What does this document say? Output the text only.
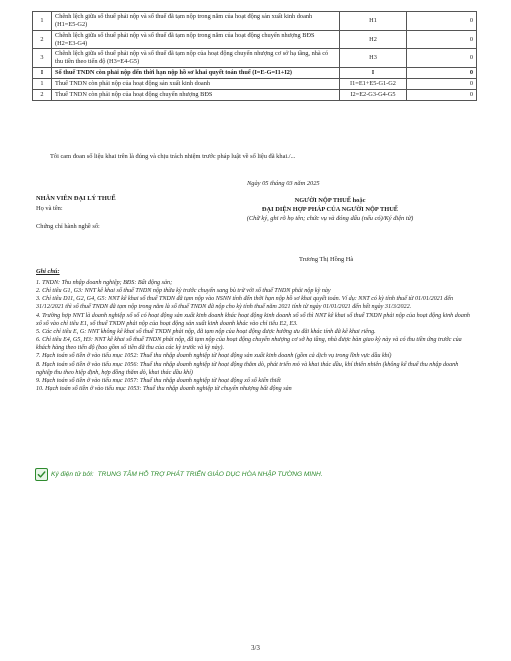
1	Chênh lệch giữa số thuế phải nộp và số thuế đã tạm nộp trong năm của hoạt động sản xuất kinh doanh (H1=E5-G2)	H1	0
2	Chênh lệch giữa số thuế phải nộp và số thuế đã tạm nộp trong năm của hoạt động chuyển nhượng BĐS (H2=E3-G4)	H2	0
3	Chênh lệch giữa số thuế phải nộp và số thuế đã tạm nộp của hoạt động chuyển nhượng cơ sở hạ tầng, nhà có thu tiền theo tiến độ (H3=E4-G5)	H3	0
I	Số thuế TNDN còn phải nộp đến thời hạn nộp hồ sơ khai quyết toán thuế (I=E-G=I1+I2)	I	0
1	Thuế TNDN còn phải nộp của hoạt động sản xuất kinh doanh	I1=E1+E5-G1-G2	0
2	Thuế TNDN còn phải nộp của hoạt động chuyển nhượng BĐS	I2=E2-G3-G4-G5	0
Tôi cam đoan số liệu khai trên là đúng và chịu trách nhiệm trước pháp luật về số liệu đã khai./...
Ngày 05 tháng 03 năm 2025
NHÂN VIÊN ĐẠI LÝ THUẾ
Họ và tên:
Chứng chỉ hành nghề số:
NGƯỜI NỘP THUẾ hoặc
ĐẠI DIỆN HỢP PHÁP CỦA NGƯỜI NỘP THUẾ
(Chữ ký, ghi rõ họ tên; chức vụ và đóng dấu (nếu có)/Ký điện tử)
Trương Thị Hồng Hà
Ghi chú:

1. TNDN: Thu nhập doanh nghiệp; BĐS: Bất động sản;

2. Chỉ tiêu G1, G3: NNT kê khai số thuế TNDN nộp thừa kỳ trước chuyển sang bù trừ với số thuế TNDN phải nộp kỳ này

3. Chỉ tiêu D11, G2, G4, G5: NNT kê khai số thuế TNDN đã tạm nộp vào NSNN tính đến thời hạn nộp hồ sơ khai quyết toán. Ví dụ: NNT có kỳ tính thuế từ 01/01/2021 đến 31/12/2021 thì số thuế TNDN đã tạm nộp trong năm là số thuế TNDN đã nộp cho kỳ tính thuế năm 2021 tính từ ngày 01/01/2021 đến hết ngày 31/3/2022.

4. Trường hợp NNT là doanh nghiệp xổ số có hoạt động sản xuất kinh doanh khác hoạt động kinh doanh xổ số thì NNT kê khai số thuế TNDN phải nộp của hoạt động kinh doanh xổ số vào chỉ tiêu E1, số thuế TNDN phải nộp của hoạt động sản xuất kinh doanh khác vào chỉ tiêu E2, E3.

5. Các chỉ tiêu E, G: NNT không kê khai số thuế TNDN phải nộp, đã tạm nộp của hoạt động được hưởng ưu đãi khác tính đã kê khai riêng.

6. Chỉ tiêu E4, G5, H3: NNT kê khai số thuế TNDN phải nộp, đã tạm nộp của hoạt động chuyển nhượng cơ sở hạ tầng, nhà được bàn giao kỳ này và có thu tiền ứng trước của khách hàng theo tiến độ (bao gồm số tiền đã thu của các kỳ trước và kỳ này).

7. Hạch toán số tiền ở vào tiểu mục 1052: Thuế thu nhập doanh nghiệp từ hoạt động sản xuất kinh doanh (gồm cả dịch vụ trong lĩnh vực dầu khí)

8. Hạch toán số tiền ở vào tiểu mục 1056: Thuế thu nhập doanh nghiệp từ hoạt động thăm dò, phát triển mỏ và khai thác dầu, khí thiên nhiên (không kể thuế thu nhập doanh nghiệp thu theo hiệp định, hợp đồng thăm dò, khai thác dầu khí)

9. Hạch toán số tiền ở vào tiểu mục 1057: Thuế thu nhập doanh nghiệp từ hoạt động xổ số kiến thiết

10. Hạch toán số tiền ở vào tiểu mục 1053: Thuế thu nhập doanh nghiệp từ chuyển nhượng bất động sản

Ký điện tử bởi:
TRUNG TÂM HỖ TRỢ PHÁT TRIỂN GIÁO DỤC HÒA NHẬP TƯỜNG MINH.
3/3
